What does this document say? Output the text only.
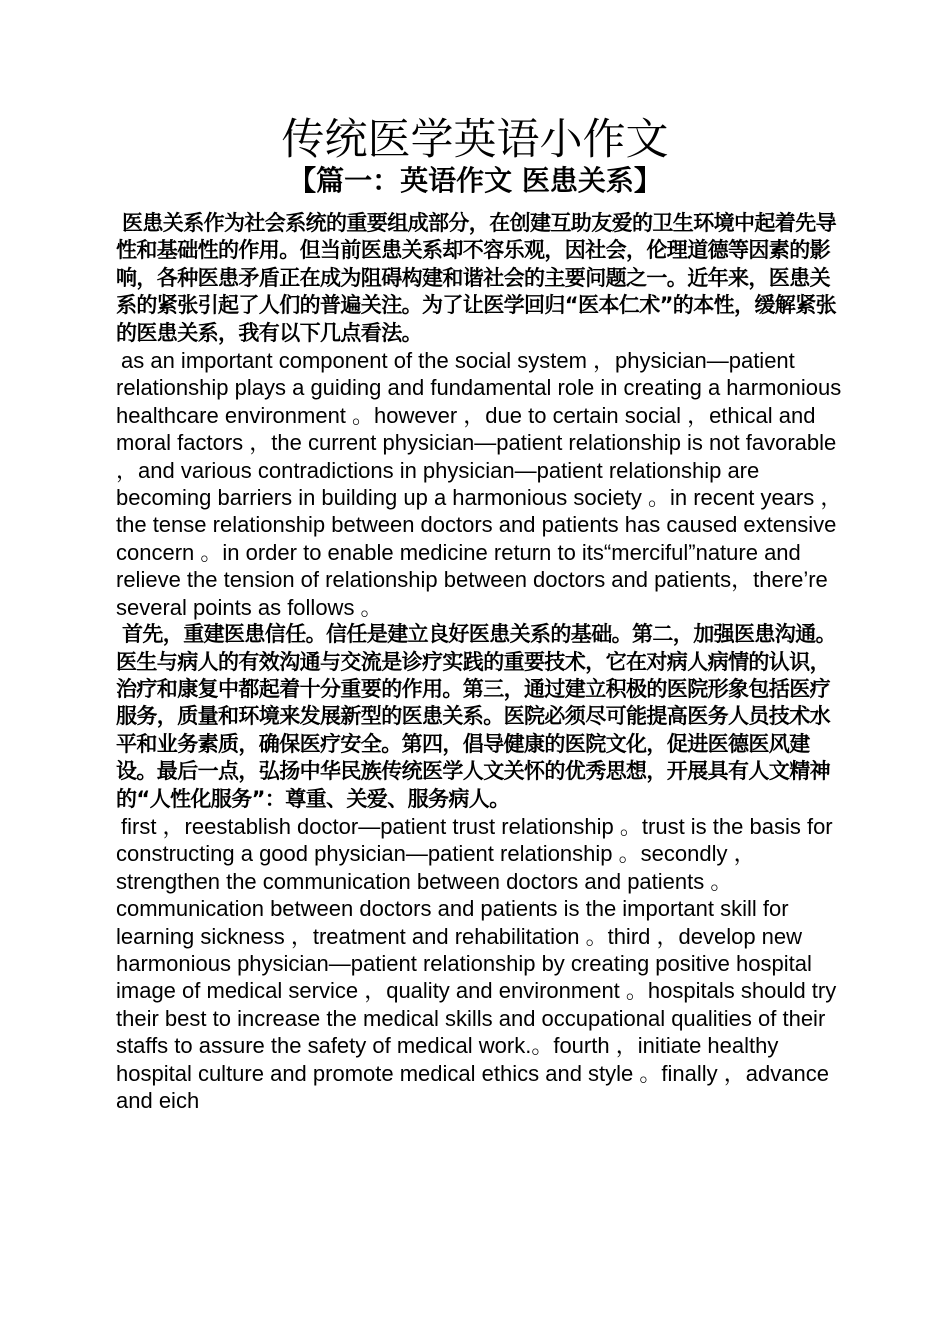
传统医学英语小作文
【篇一：英语作文 医患关系】

医患关系作为社会系统的重要组成部分，在创建互助友爱的卫生环境中起着先导性和基础性的作用。但当前医患关系却不容乐观，因社会，伦理道德等因素的影响，各种医患矛盾正在成为阻碍构建和谐社会的主要问题之一。近年来，医患关系的紧张引起了人们的普遍关注。为了让医学回归“医本仁术”的本性，缓解紧张的医患关系，我有以下几点看法。

as an important component of the social system ，physician—patient relationship plays a guiding and fundamental role in creating a harmonious healthcare environment 。however ，due to certain social ，ethical and moral factors ，the current physician—patient relationship is not favorable ，and various contradictions in physician—patient relationship are becoming barriers in building up a harmonious society 。in recent years ，the tense relationship between doctors and patients has caused extensive concern 。in order to enable medicine return to its“merciful”nature and relieve the tension of relationship between doctors and patients，there’re several points as follows 。

首先，重建医患信任。信任是建立良好医患关系的基础。第二，加强医患沟通。医生与病人的有效沟通与交流是诊疗实践的重要技术，它在对病人病情的认识，治疗和康复中都起着十分重要的作用。第三，通过建立积极的医院形象包括医疗服务，质量和环境来发展新型的医患关系。医院必须尽可能提高医务人员技术水平和业务素质，确保医疗安全。第四，倡导健康的医院文化，促进医德医风建设。最后一点，弘扬中华民族传统医学人文关怀的优秀思想，开展具有人文精神的“人性化服务”：尊重、关爱、服务病人。

first ，reestablish doctor—patient trust relationship 。trust is the basis for constructing a good physician—patient relationship 。secondly ，strengthen the communication between doctors and patients 。communication between doctors and patients is the important skill for learning sickness ，treatment and rehabilitation 。third ，develop new harmonious physician—patient relationship by creating positive hospital image of medical service ，quality and environment 。hospitals should try their best to increase the medical skills and occupational qualities of their staffs to assure the safety of medical work.。fourth ，initiate healthy hospital culture and promote medical ethics and style 。finally ，advance and eich
